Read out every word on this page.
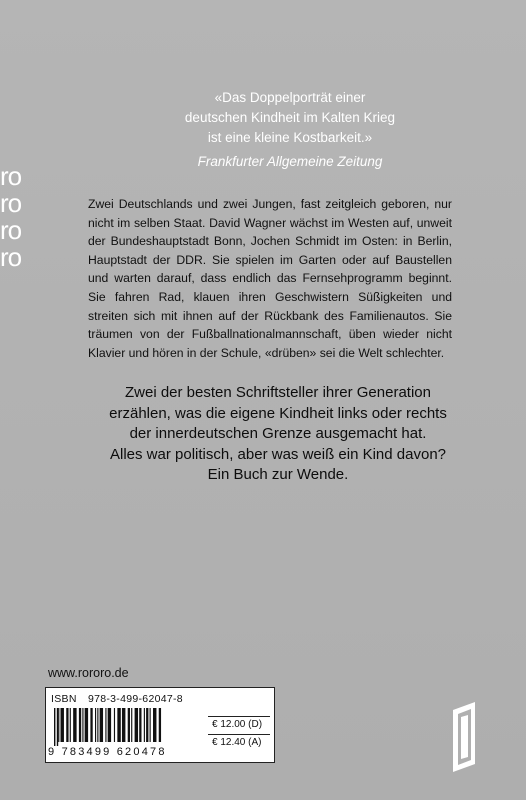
«Das Doppelporträt einer
deutschen Kindheit im Kalten Krieg
ist eine kleine Kostbarkeit.»
Frankfurter Allgemeine Zeitung
ro
ro
ro
ro

Zwei Deutschlands und zwei Jungen, fast zeitgleich geboren, nur nicht im selben Staat. David Wagner wächst im Westen auf, unweit der Bundeshauptstadt Bonn, Jochen Schmidt im Osten: in Berlin, Hauptstadt der DDR. Sie spielen im Garten oder auf Baustellen und warten darauf, dass endlich das Fernsehprogramm beginnt. Sie fahren Rad, klauen ihren Geschwistern Süßigkeiten und streiten sich mit ihnen auf der Rückbank des Familienautos. Sie träumen von der Fußballnationalmannschaft, üben wieder nicht Klavier und hören in der Schule, «drüben» sei die Welt schlechter.

Zwei der besten Schriftsteller ihrer Generation
erzählen, was die eigene Kindheit links oder rechts
der innerdeutschen Grenze ausgemacht hat.
Alles war politisch, aber was weiß ein Kind davon?
Ein Buch zur Wende.
www.rororo.de
ISBN 978-3-499-62047-8
9 783499 620478
€ 12.00 (D)
€ 12.40 (A)
